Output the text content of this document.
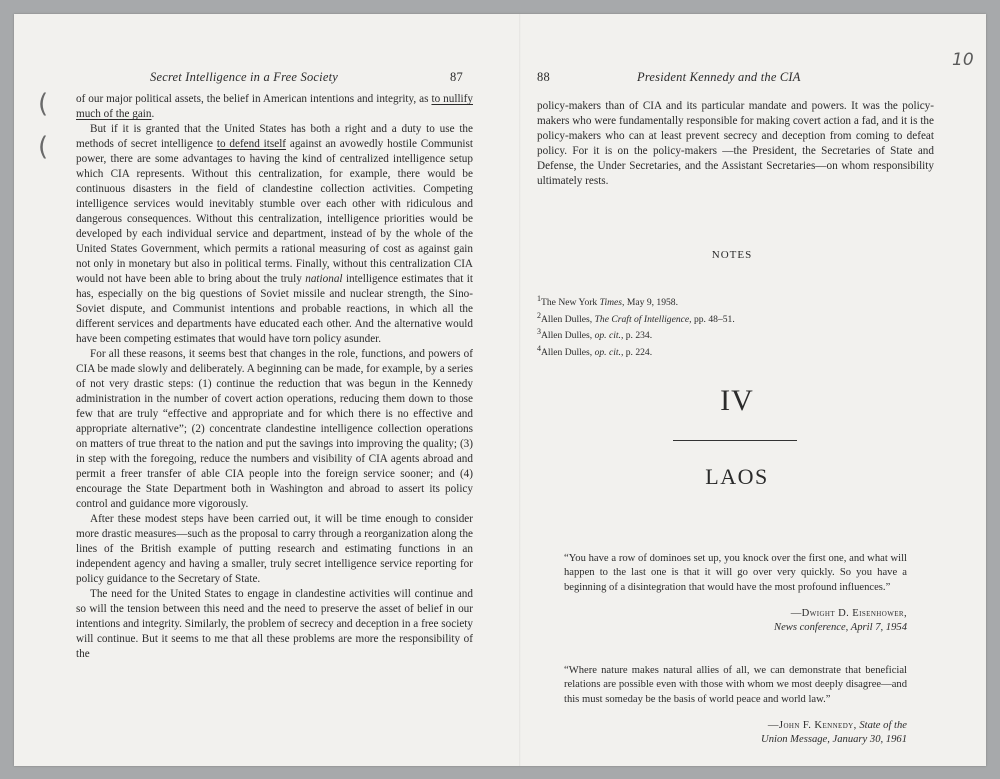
Secret Intelligence in a Free Society	87

of our major political assets, the belief in American intentions and integrity, as to nullify much of the gain.

But if it is granted that the United States has both a right and a duty to use the methods of secret intelligence to defend itself against an avowedly hostile Communist power, there are some advantages to having the kind of centralized intelligence setup which CIA represents. Without this centralization, for example, there would be continuous disasters in the field of clandestine collection activities. Competing intelligence services would inevitably stumble over each other with ridiculous and dangerous consequences. Without this centralization, intelligence priorities would be developed by each individual service and department, instead of by the whole of the United States Government, which permits a rational measuring of cost as against gain not only in monetary but also in political terms. Finally, without this centralization CIA would not have been able to bring about the truly national intelligence estimates that it has, especially on the big questions of Soviet missile and nuclear strength, the Sino-Soviet dispute, and Communist intentions and probable reactions, in which all the different services and departments have educated each other. And the alternative would have been competing estimates that would have torn policy asunder.

For all these reasons, it seems best that changes in the role, functions, and powers of CIA be made slowly and deliberately. A beginning can be made, for example, by a series of not very drastic steps: (1) continue the reduction that was begun in the Kennedy administration in the number of covert action operations, reducing them down to those few that are truly “effective and appropriate and for which there is no effective and appropriate alternative”; (2) concentrate clandestine intelligence collection operations on matters of true threat to the nation and put the savings into improving the quality; (3) in step with the foregoing, reduce the numbers and visibility of CIA agents abroad and permit a freer transfer of able CIA people into the foreign service sooner; and (4) encourage the State Department both in Washington and abroad to assert its policy control and guidance more vigorously.

After these modest steps have been carried out, it will be time enough to consider more drastic measures—such as the proposal to carry through a reorganization along the lines of the British example of putting research and estimating functions in an independent agency and having a smaller, truly secret intelligence service reporting for policy guidance to the Secretary of State.

The need for the United States to engage in clandestine activities will continue and so will the tension between this need and the need to preserve the asset of belief in our intentions and integrity. Similarly, the problem of secrecy and deception in a free society will continue. But it seems to me that all these problems are more the responsibility of the

(
(
88	President Kennedy and the CIA

policy-makers than of CIA and its particular mandate and powers. It was the policy-makers who were fundamentally responsible for making covert action a fad, and it is the policy-makers who can at least prevent secrecy and deception from coming to defeat policy. For it is on the policy-makers —the President, the Secretaries of State and Defense, the Under Secretaries, and the Assistant Secretaries—on whom responsibility ultimately rests.

NOTES
$^1$The New York Times, May 9, 1958.
$^2$Allen Dulles, The Craft of Intelligence, pp. 48–51.
$^3$Allen Dulles, op. cit., p. 234.
$^4$Allen Dulles, op. cit., p. 224.
IV
LAOS
“You have a row of dominoes set up, you knock over the first one, and what will happen to the last one is that it will go over very quickly. So you have a beginning of a disintegration that would have the most profound influences.”
—Dwight D. Eisenhower,
News conference, April 7, 1954
“Where nature makes natural allies of all, we can demonstrate that beneficial relations are possible even with those with whom we most deeply disagree—and this must someday be the basis of world peace and world law.”
—John F. Kennedy, State of the
Union Message, January 30, 1961
10
